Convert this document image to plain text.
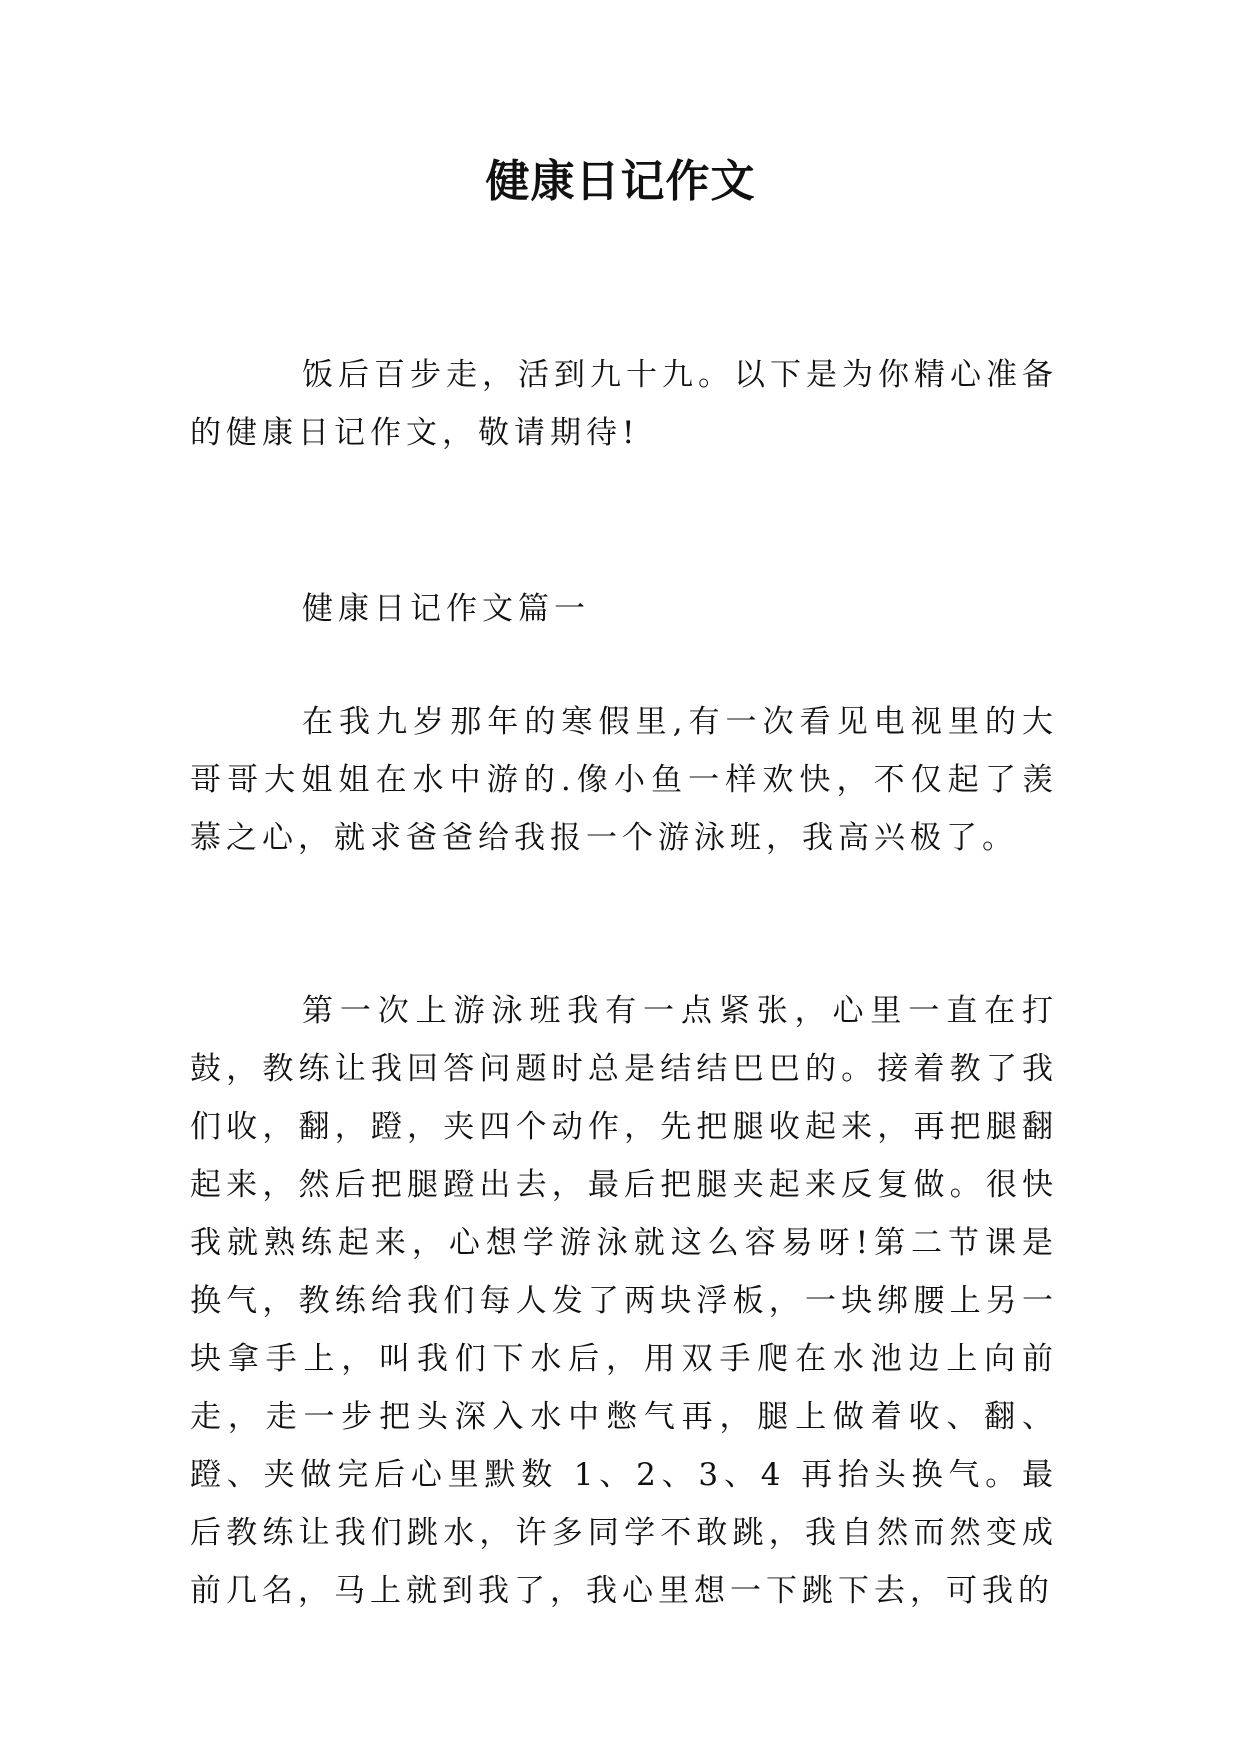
健康日记作文

饭后百步走，活到九十九。以下是为你精心准备的健康日记作文，敬请期待!

健康日记作文篇一

在我九岁那年的寒假里,有一次看见电视里的大哥哥大姐姐在水中游的.像小鱼一样欢快，不仅起了羡慕之心，就求爸爸给我报一个游泳班，我高兴极了。

第一次上游泳班我有一点紧张，心里一直在打鼓，教练让我回答问题时总是结结巴巴的。接着教了我们收，翻，蹬，夹四个动作，先把腿收起来，再把腿翻起来，然后把腿蹬出去，最后把腿夹起来反复做。很快我就熟练起来，心想学游泳就这么容易呀!第二节课是换气，教练给我们每人发了两块浮板，一块绑腰上另一块拿手上，叫我们下水后，用双手爬在水池边上向前走，走一步把头深入水中憋气再，腿上做着收、翻、蹬、夹做完后心里默数 1、2、3、4 再抬头换气。最后教练让我们跳水，许多同学不敢跳，我自然而然变成前几名，马上就到我了，我心里想一下跳下去，可我的
